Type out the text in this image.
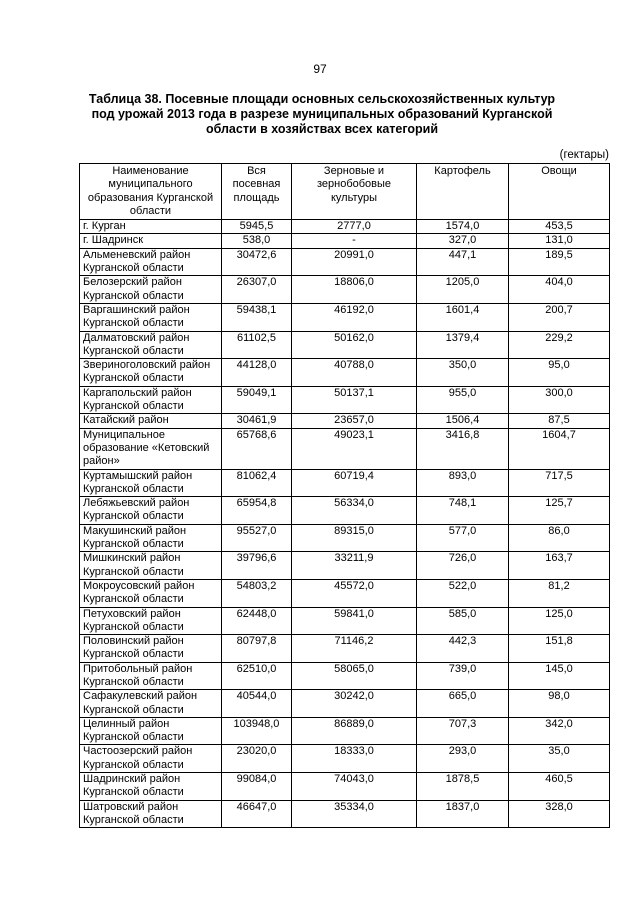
97
Таблица 38. Посевные площади основных сельскохозяйственных культур под урожай 2013 года в разрезе муниципальных образований Курганской области в хозяйствах всех категорий
(гектары)
Наименование муниципального образования Курганской области	Вся посевная площадь	Зерновые и зернобобовые культуры	Картофель	Овощи
г. Курган	5945,5	2777,0	1574,0	453,5
г. Шадринск	538,0	-	327,0	131,0
Альменевский район Курганской области	30472,6	20991,0	447,1	189,5
Белозерский район Курганской области	26307,0	18806,0	1205,0	404,0
Варгашинский район Курганской области	59438,1	46192,0	1601,4	200,7
Далматовский район Курганской области	61102,5	50162,0	1379,4	229,2
Звериноголовский район Курганской области	44128,0	40788,0	350,0	95,0
Каргапольский район Курганской области	59049,1	50137,1	955,0	300,0
Катайский район	30461,9	23657,0	1506,4	87,5
Муниципальное образование «Кетовский район»	65768,6	49023,1	3416,8	1604,7
Куртамышский район Курганской области	81062,4	60719,4	893,0	717,5
Лебяжьевский район Курганской области	65954,8	56334,0	748,1	125,7
Макушинский район Курганской области	95527,0	89315,0	577,0	86,0
Мишкинский район Курганской области	39796,6	33211,9	726,0	163,7
Мокроусовский район Курганской области	54803,2	45572,0	522,0	81,2
Петуховский район Курганской области	62448,0	59841,0	585,0	125,0
Половинский район Курганской области	80797,8	71146,2	442,3	151,8
Притобольный район Курганской области	62510,0	58065,0	739,0	145,0
Сафакулевский район Курганской области	40544,0	30242,0	665,0	98,0
Целинный район Курганской области	103948,0	86889,0	707,3	342,0
Частоозерский район Курганской области	23020,0	18333,0	293,0	35,0
Шадринский район Курганской области	99084,0	74043,0	1878,5	460,5
Шатровский район Курганской области	46647,0	35334,0	1837,0	328,0
